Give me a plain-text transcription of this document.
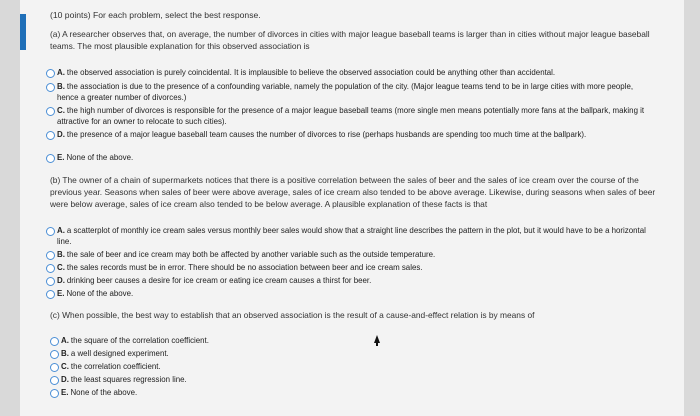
(10 points) For each problem, select the best response.
(a) A researcher observes that, on average, the number of divorces in cities with major league baseball teams is larger than in cities without major league baseball teams. The most plausible explanation for this observed association is
A. the observed association is purely coincidental. It is implausible to believe the observed association could be anything other than accidental.
B. the association is due to the presence of a confounding variable, namely the population of the city. (Major league teams tend to be in large cities with more people, hence a greater number of divorces.)
C. the high number of divorces is responsible for the presence of a major league baseball teams (more single men means potentially more fans at the ballpark, making it attractive for an owner to relocate to such cities).
D. the presence of a major league baseball team causes the number of divorces to rise (perhaps husbands are spending too much time at the ballpark).
E. None of the above.
(b) The owner of a chain of supermarkets notices that there is a positive correlation between the sales of beer and the sales of ice cream over the course of the previous year. Seasons when sales of beer were above average, sales of ice cream also tended to be above average. Likewise, during seasons when sales of beer were below average, sales of ice cream also tended to be below average. A plausible explanation of these facts is that
A. a scatterplot of monthly ice cream sales versus monthly beer sales would show that a straight line describes the pattern in the plot, but it would have to be a horizontal line.
B. the sale of beer and ice cream may both be affected by another variable such as the outside temperature.
C. the sales records must be in error. There should be no association between beer and ice cream sales.
D. drinking beer causes a desire for ice cream or eating ice cream causes a thirst for beer.
E. None of the above.
(c) When possible, the best way to establish that an observed association is the result of a cause-and-effect relation is by means of
A. the square of the correlation coefficient.
B. a well designed experiment.
C. the correlation coefficient.
D. the least squares regression line.
E. None of the above.
